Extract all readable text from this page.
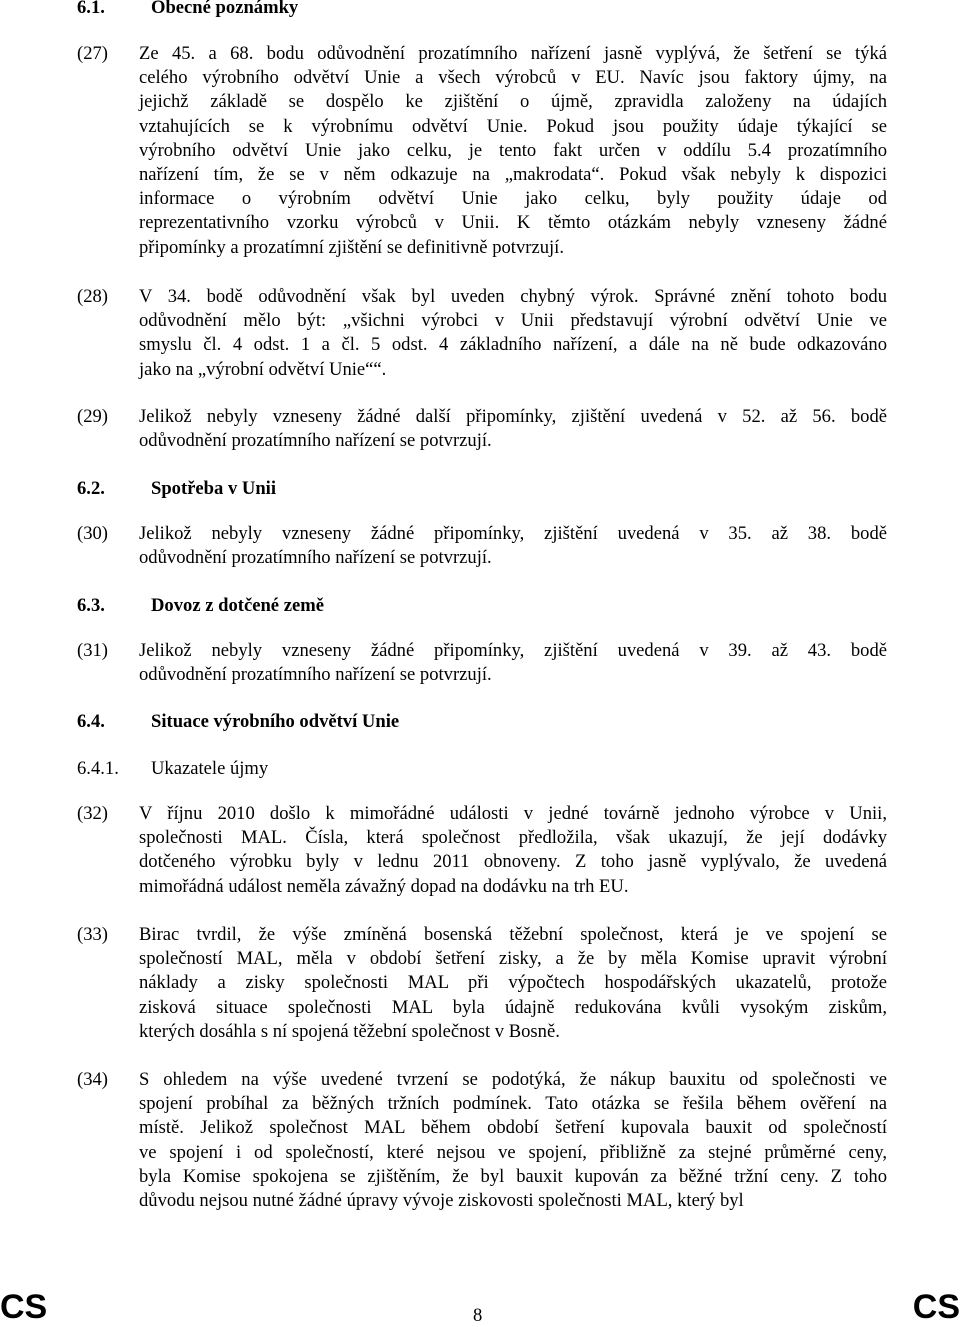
6.1.	Obecné poznámky
(27)	Ze 45. a 68. bodu odůvodnění prozatímního nařízení jasně vyplývá, že šetření se týká
celého výrobního odvětví Unie a všech výrobců v EU. Navíc jsou faktory újmy, na
jejichž základě se dospělo ke zjištění o újmě, zpravidla založeny na údajích
vztahujících se k výrobnímu odvětví Unie. Pokud jsou použity údaje týkající se
výrobního odvětví Unie jako celku, je tento fakt určen v oddílu 5.4 prozatímního
nařízení tím, že se v něm odkazuje na „makrodata“. Pokud však nebyly k dispozici
informace o výrobním odvětví Unie jako celku, byly použity údaje od
reprezentativního vzorku výrobců v Unii. K těmto otázkám nebyly vzneseny žádné
připomínky a prozatímní zjištění se definitivně potvrzují.
(28)	V 34. bodě odůvodnění však byl uveden chybný výrok. Správné znění tohoto bodu
odůvodnění mělo být: „všichni výrobci v Unii představují výrobní odvětví Unie ve
smyslu čl. 4 odst. 1 a čl. 5 odst. 4 základního nařízení, a dále na ně bude odkazováno
jako na „výrobní odvětví Unie““.
(29)	Jelikož nebyly vzneseny žádné další připomínky, zjištění uvedená v 52. až 56. bodě
odůvodnění prozatímního nařízení se potvrzují.
6.2.	Spotřeba v Unii
(30)	Jelikož nebyly vzneseny žádné připomínky, zjištění uvedená v 35. až 38. bodě
odůvodnění prozatímního nařízení se potvrzují.
6.3.	Dovoz z dotčené země
(31)	Jelikož nebyly vzneseny žádné připomínky, zjištění uvedená v 39. až 43. bodě
odůvodnění prozatímního nařízení se potvrzují.
6.4.	Situace výrobního odvětví Unie
6.4.1.	Ukazatele újmy
(32)	V říjnu 2010 došlo k mimořádné události v jedné továrně jednoho výrobce v Unii,
společnosti MAL. Čísla, která společnost předložila, však ukazují, že její dodávky
dotčeného výrobku byly v lednu 2011 obnoveny. Z toho jasně vyplývalo, že uvedená
mimořádná událost neměla závažný dopad na dodávku na trh EU.
(33)	Birac tvrdil, že výše zmíněná bosenská těžební společnost, která je ve spojení se
společností MAL, měla v období šetření zisky, a že by měla Komise upravit výrobní
náklady a zisky společnosti MAL při výpočtech hospodářských ukazatelů, protože
zisková situace společnosti MAL byla údajně redukována kvůli vysokým ziskům,
kterých dosáhla s ní spojená těžební společnost v Bosně.
(34)	S ohledem na výše uvedené tvrzení se podotýká, že nákup bauxitu od společnosti ve
spojení probíhal za běžných tržních podmínek. Tato otázka se řešila během ověření na
místě. Jelikož společnost MAL během období šetření kupovala bauxit od společností
ve spojení i od společností, které nejsou ve spojení, přibližně za stejné průměrné ceny,
byla Komise spokojena se zjištěním, že byl bauxit kupován za běžné tržní ceny. Z toho
důvodu nejsou nutné žádné úpravy vývoje ziskovosti společnosti MAL, který byl
CS	8	CS
